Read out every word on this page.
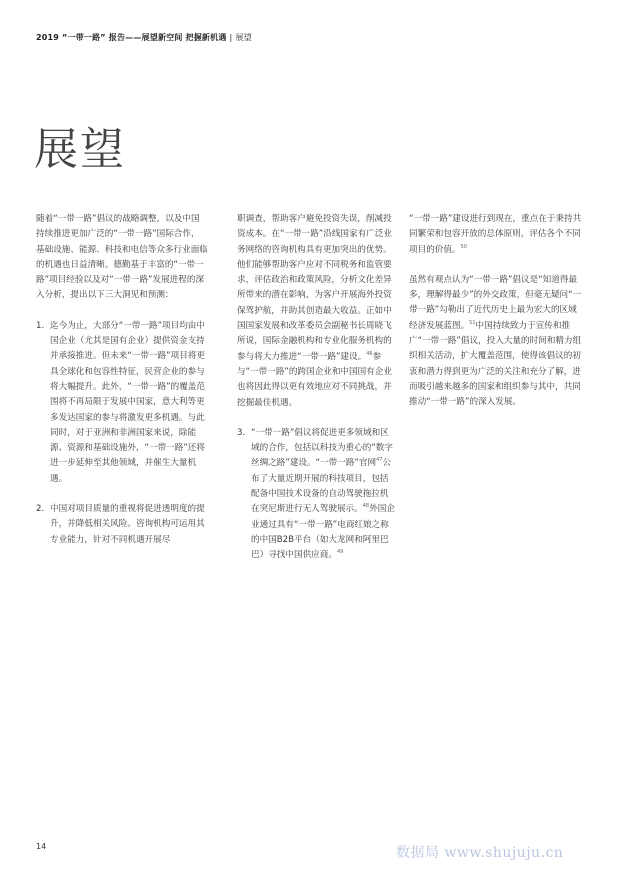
2019 “一带一路” 报告——展望新空间 把握新机遇 | 展望
展望

随着“一带一路”倡议的战略调整，以及中国持续推进更加广泛的“一带一路”国际合作，基础设施、能源、科技和电信等众多行业面临的机遇也日益清晰。德勤基于丰富的“一带一路”项目经验以及对“一带一路”发展进程的深入分析，提出以下三大洞见和预测：

1. 迄今为止，大部分“一带一路”项目均由中国企业（尤其是国有企业）提供资金支持并承接推进。但未来“一带一路”项目将更具全球化和包容性特征，民营企业的参与将大幅提升。此外，“一带一路”的覆盖范围将不再局限于发展中国家，意大利等更多发达国家的参与将激发更多机遇。与此同时，对于亚洲和非洲国家来说，除能源、资源和基础设施外，“一带一路”还将进一步延伸至其他领域，并催生大量机遇。

2. 中国对项目质量的重视将促进透明度的提升，并降低相关风险。咨询机构可运用其专业能力，针对不同机遇开展尽

职调查，帮助客户避免投资失误，削减投资成本。在“一带一路”沿线国家有广泛业务网络的咨询机构具有更加突出的优势。他们能够帮助客户应对不同税务和监管要求，评估政治和政策风险，分析文化差异所带来的潜在影响，为客户开展海外投资保驾护航，并助其创造最大收益。正如中国国家发展和改革委员会副秘书长周晓飞所说，国际金融机构和专业化服务机构的参与将大力推进“一带一路”建设。$^{46}$参与“一带一路”的跨国企业和中国国有企业也将因此得以更有效地应对不同挑战，并挖掘最佳机遇。

3. “一带一路”倡议将促进更多领域和区域的合作，包括以科技为重心的“数字丝绸之路”建设。“一带一路”官网$^{47}$公布了大量近期开展的科技项目，包括配备中国技术设备的自动驾驶拖拉机在突尼斯进行无人驾驶展示。$^{48}$外国企业通过具有“一带一路”电商红娘之称的中国B2B平台（如大龙网和阿里巴巴）寻找中国供应商。$^{49}$

“一带一路”建设进行到现在，重点在于秉持共同繁荣和包容开放的总体原则，评估各个不同项目的价值。$^{50}$

虽然有观点认为“一带一路”倡议是“知道得最多，理解得最少”的外交政策，但毫无疑问“一带一路”勾勒出了近代历史上最为宏大的区域经济发展蓝图。$^{51}$中国持续致力于宣传和推广“一带一路”倡议，投入大量的时间和精力组织相关活动，扩大覆盖范围，使得该倡议的初衷和潜力得到更为广泛的关注和充分了解，进而吸引越来越多的国家和组织参与其中，共同推动“一带一路”的深入发展。

14	数据局 www.shujuju.cn
